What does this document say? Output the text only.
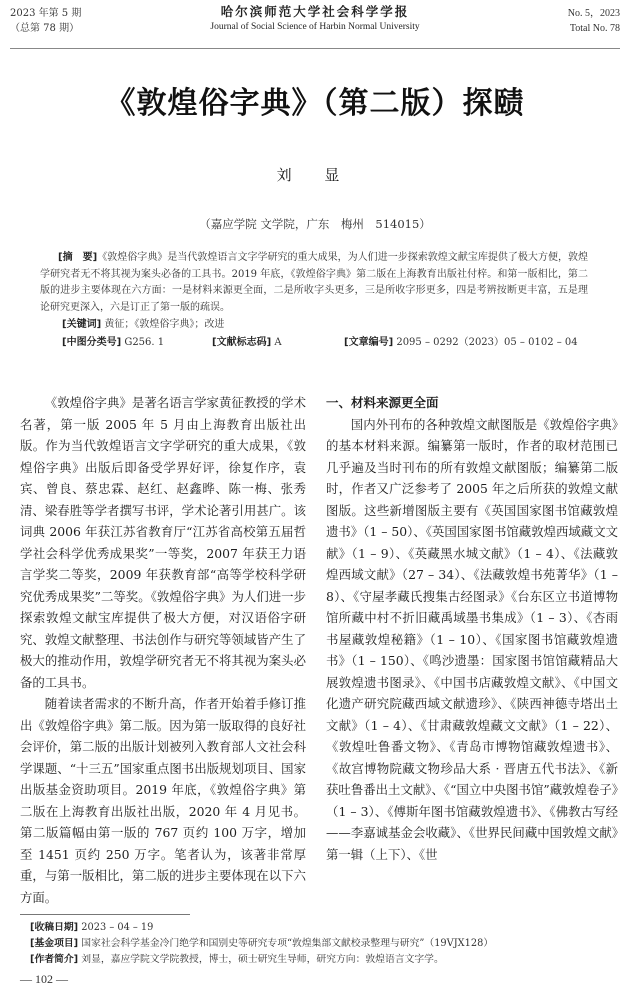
2023 年第 5 期
（总第 78 期）
哈尔滨师范大学社会科学学报
Journal of Social Science of Harbin Normal University
No. 5，2023
Total No. 78
《敦煌俗字典》（第二版）探赜
刘 显
（嘉应学院 文学院，广东　梅州　514015）

[摘　要]《敦煌俗字典》是当代敦煌语言文字学研究的重大成果，为人们进一步探索敦煌文献宝库提供了极大方便，敦煌学研究者无不将其视为案头必备的工具书。2019 年底，《敦煌俗字典》第二版在上海教育出版社付梓。和第一版相比，第二版的进步主要体现在六方面：一是材料来源更全面，二是所收字头更多，三是所收字形更多，四是考辨按断更丰富，五是理论研究更深入，六是订正了第一版的疏误。

[关键词] 黄征；《敦煌俗字典》；改进
[中图分类号] G256. 1	[文献标志码] A	[文章编号] 2095 – 0292（2023）05 – 0102 – 04

《敦煌俗字典》是著名语言学家黄征教授的学术名著，第一版 2005 年 5 月由上海教育出版社出版。作为当代敦煌语言文字学研究的重大成果，《敦煌俗字典》出版后即备受学界好评，徐复作序，袁宾、曾良、蔡忠霖、赵红、赵鑫晔、陈一梅、张秀清、梁春胜等学者撰写书评，学术论著引用甚广。该词典 2006 年获江苏省教育厅“江苏省高校第五届哲学社会科学优秀成果奖”一等奖，2007 年获王力语言学奖二等奖，2009 年获教育部“高等学校科学研究优秀成果奖”二等奖。《敦煌俗字典》为人们进一步探索敦煌文献宝库提供了极大方便，对汉语俗字研究、敦煌文献整理、书法创作与研究等领域皆产生了极大的推动作用，敦煌学研究者无不将其视为案头必备的工具书。

随着读者需求的不断升高，作者开始着手修订推出《敦煌俗字典》第二版。因为第一版取得的良好社会评价，第二版的出版计划被列入教育部人文社会科学课题、“十三五”国家重点图书出版规划项目、国家出版基金资助项目。2019 年底，《敦煌俗字典》第二版在上海教育出版社出版，2020 年 4 月见书。第二版篇幅由第一版的 767 页约 100 万字，增加至 1451 页约 250 万字。笔者认为，该著非常厚重，与第一版相比，第二版的进步主要体现在以下六方面。

一、材料来源更全面

国内外刊布的各种敦煌文献图版是《敦煌俗字典》的基本材料来源。编纂第一版时，作者的取材范围已几乎遍及当时刊布的所有敦煌文献图版；编纂第二版时，作者又广泛参考了 2005 年之后所获的敦煌文献图版。这些新增图版主要有《英国国家图书馆藏敦煌遗书》（1 – 50）、《英国国家图书馆藏敦煌西域藏文文献》（1 – 9）、《英藏黑水城文献》（1 – 4）、《法藏敦煌西域文献》（27 – 34）、《法藏敦煌书苑菁华》（1 – 8）、《守屋孝藏氏搜集古经图录》《台东区立书道博物馆所藏中村不折旧藏禹域墨书集成》（1 – 3）、《杏雨书屋藏敦煌秘籍》（1 – 10）、《国家图书馆藏敦煌遗书》（1 – 150）、《鸣沙遗墨：国家图书馆馆藏精品大展敦煌遗书图录》、《中国书店藏敦煌文献》、《中国文化遗产研究院藏西域文献遗珍》、《陕西神德寺塔出土文献》（1 – 4）、《甘肃藏敦煌藏文文献》（1 – 22）、《敦煌吐鲁番文物》、《青岛市博物馆藏敦煌遗书》、《故宫博物院藏文物珍品大系 · 晋唐五代书法》、《新获吐鲁番出土文献》、《“国立中央图书馆”藏敦煌卷子》（1 – 3）、《傅斯年图书馆藏敦煌遗书》、《佛教古写经——李嘉诚基金会收藏》、《世界民间藏中国敦煌文献》第一辑（上下）、《世

[收稿日期] 2023 – 04 – 19
[基金项目] 国家社会科学基金冷门绝学和国别史等研究专项“敦煌集部文献校录整理与研究”（19VJX128）
[作者简介] 刘显，嘉应学院文学院教授，博士，硕士研究生导师，研究方向：敦煌语言文字学。
— 102 —
